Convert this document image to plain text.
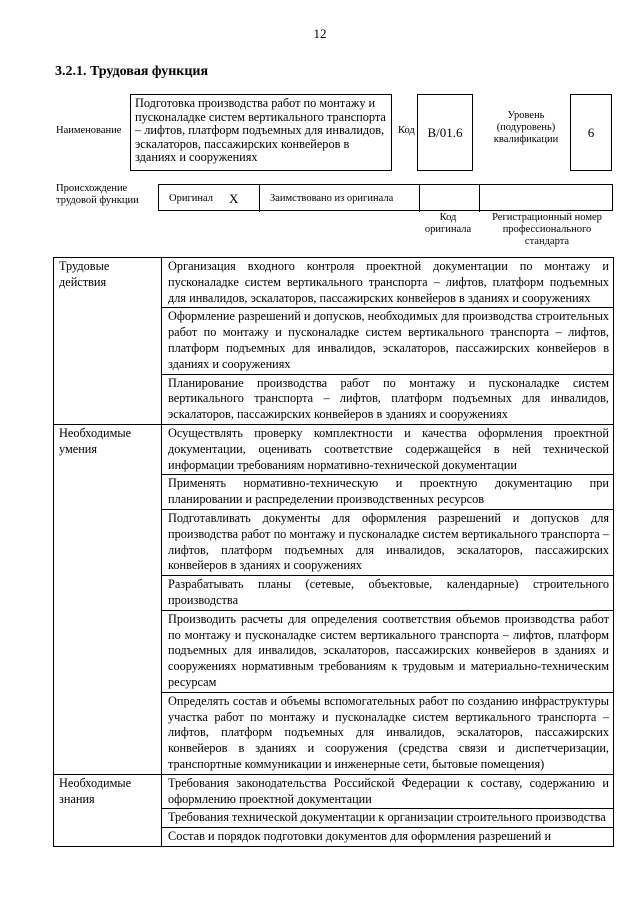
12
3.2.1. Трудовая функция
Наименование
Подготовка производства работ по монтажу и пусконаладке систем вертикального транспорта – лифтов, платформ подъемных для инвалидов, эскалаторов, пассажирских конвейеров в зданиях и сооружениях
Код B/01.6
Уровень (подуровень) квалификации	6
Происхождение трудовой функции	Оригинал X	Заимствовано из оригинала
Код оригинала
Регистрационный номер профессионального стандарта
Трудовые действия	Организация входного контроля проектной документации по монтажу и пусконаладке систем вертикального транспорта – лифтов, платформ подъемных для инвалидов, эскалаторов, пассажирских конвейеров в зданиях и сооружениях
	Оформление разрешений и допусков, необходимых для производства строительных работ по монтажу и пусконаладке систем вертикального транспорта – лифтов, платформ подъемных для инвалидов, эскалаторов, пассажирских конвейеров в зданиях и сооружениях
	Планирование производства работ по монтажу и пусконаладке систем вертикального транспорта – лифтов, платформ подъемных для инвалидов, эскалаторов, пассажирских конвейеров в зданиях и сооружениях
Необходимые умения	Осуществлять проверку комплектности и качества оформления проектной документации, оценивать соответствие содержащейся в ней технической информации требованиям нормативно-технической документации
	Применять нормативно-техническую и проектную документацию при планировании и распределении производственных ресурсов
	Подготавливать документы для оформления разрешений и допусков для производства работ по монтажу и пусконаладке систем вертикального транспорта – лифтов, платформ подъемных для инвалидов, эскалаторов, пассажирских конвейеров в зданиях и сооружениях
	Разрабатывать планы (сетевые, объектовые, календарные) строительного производства
	Производить расчеты для определения соответствия объемов производства работ по монтажу и пусконаладке систем вертикального транспорта – лифтов, платформ подъемных для инвалидов, эскалаторов, пассажирских конвейеров в зданиях и сооружениях нормативным требованиям к трудовым и материально-техническим ресурсам
	Определять состав и объемы вспомогательных работ по созданию инфраструктуры участка работ по монтажу и пусконаладке систем вертикального транспорта – лифтов, платформ подъемных для инвалидов, эскалаторов, пассажирских конвейеров в зданиях и сооружения (средства связи и диспетчеризации, транспортные коммуникации и инженерные сети, бытовые помещения)
Необходимые знания	Требования законодательства Российской Федерации к составу, содержанию и оформлению проектной документации
	Требования технической документации к организации строительного производства
	Состав и порядок подготовки документов для оформления разрешений и
